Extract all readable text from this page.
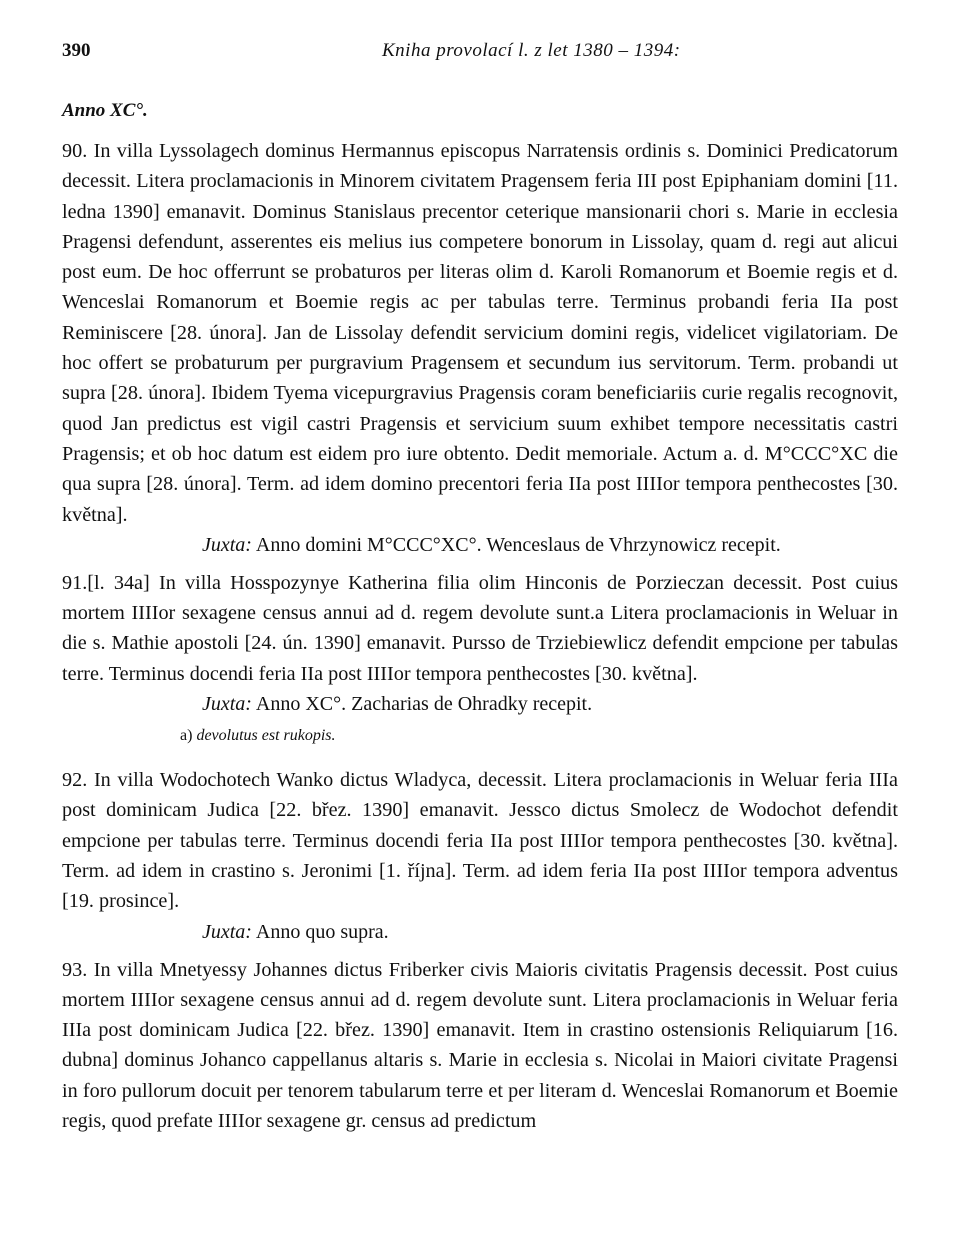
390	Kniha provolací l. z let 1380 – 1394:
Anno XC°.

90. In villa Lyssolagech dominus Hermannus episcopus Narratensis ordinis s. Dominici Predicatorum decessit. Litera proclamacionis in Minorem civitatem Pragensem feria III post Epiphaniam domini [11. ledna 1390] emanavit. Dominus Stanislaus precentor ceterique mansionarii chori s. Marie in ecclesia Pragensi defendunt, asserentes eis melius ius competere bonorum in Lissolay, quam d. regi aut alicui post eum. De hoc offerrunt se probaturos per literas olim d. Karoli Romanorum et Boemie regis et d. Wenceslai Romanorum et Boemie regis ac per tabulas terre. Terminus probandi feria IIa post Reminiscere [28. února]. Jan de Lissolay defendit servicium domini regis, videlicet vigilatoriam. De hoc offert se probaturum per purgravium Pragensem et secundum ius servitorum. Term. probandi ut supra [28. února]. Ibidem Tyema vicepurgravius Pragensis coram beneficiariis curie regalis recognovit, quod Jan predictus est vigil castri Pragensis et servicium suum exhibet tempore necessitatis castri Pragensis; et ob hoc datum est eidem pro iure obtento. Dedit memoriale. Actum a. d. M°CCC°XC die qua supra [28. února]. Term. ad idem domino precentori feria IIa post IIIIor tempora penthecostes [30. května].

Juxta: Anno domini M°CCC°XC°. Wenceslaus de Vhrzynowicz recepit.

91.[l. 34a] In villa Hosspozynye Katherina filia olim Hinconis de Porzieczan decessit. Post cuius mortem IIIIor sexagene census annui ad d. regem devolute sunt.a Litera proclamacionis in Weluar in die s. Mathie apostoli [24. ún. 1390] emanavit. Pursso de Trziebiewlicz defendit empcione per tabulas terre. Terminus docendi feria IIa post IIIIor tempora penthecostes [30. května].

Juxta: Anno XC°. Zacharias de Ohradky recepit.

a) devolutus est rukopis.

92. In villa Wodochotech Wanko dictus Wladyca, decessit. Litera proclamacionis in Weluar feria IIIa post dominicam Judica [22. břez. 1390] emanavit. Jessco dictus Smolecz de Wodochot defendit empcione per tabulas terre. Terminus docendi feria IIa post IIIIor tempora penthecostes [30. května]. Term. ad idem in crastino s. Jeronimi [1. října]. Term. ad idem feria IIa post IIIIor tempora adventus [19. prosince].

Juxta: Anno quo supra.

93. In villa Mnetyessy Johannes dictus Friberker civis Maioris civitatis Pragensis decessit. Post cuius mortem IIIIor sexagene census annui ad d. regem devolute sunt. Litera proclamacionis in Weluar feria IIIa post dominicam Judica [22. břez. 1390] emanavit. Item in crastino ostensionis Reliquiarum [16. dubna] dominus Johanco cappellanus altaris s. Marie in ecclesia s. Nicolai in Maiori civitate Pragensi in foro pullorum docuit per tenorem tabularum terre et per literam d. Wenceslai Romanorum et Boemie regis, quod prefate IIIIor sexagene gr. census ad predictum
